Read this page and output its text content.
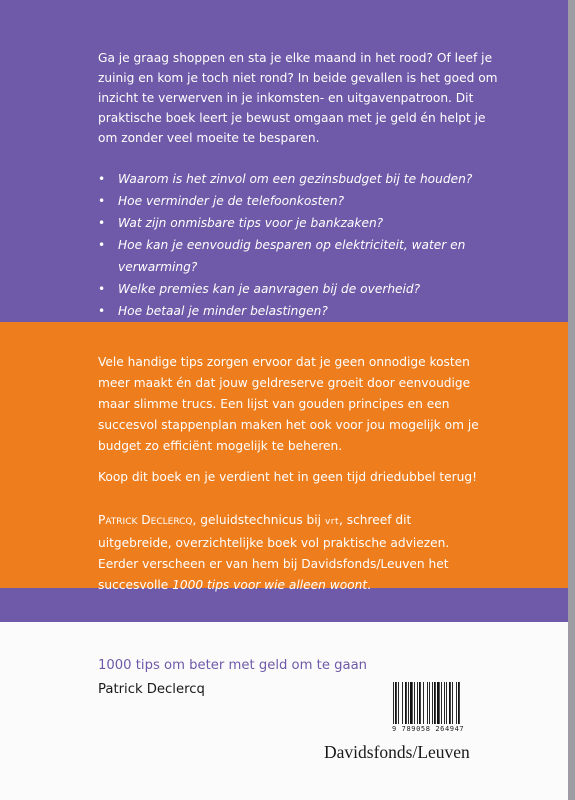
Ga je graag shoppen en sta je elke maand in het rood? Of leef je zuinig en kom je toch niet rond? In beide gevallen is het goed om inzicht te verwerven in je inkomsten- en uitgavenpatroon. Dit praktische boek leert je bewust omgaan met je geld én helpt je om zonder veel moeite te besparen.

• Waarom is het zinvol om een gezinsbudget bij te houden?
• Hoe verminder je de telefoonkosten?
• Wat zijn onmisbare tips voor je bankzaken?
• Hoe kan je eenvoudig besparen op elektriciteit, water en verwarming?
• Welke premies kan je aanvragen bij de overheid?
• Hoe betaal je minder belastingen?

Vele handige tips zorgen ervoor dat je geen onnodige kosten meer maakt én dat jouw geldreserve groeit door eenvoudige maar slimme trucs. Een lijst van gouden principes en een succesvol stappenplan maken het ook voor jou mogelijk om je budget zo efficiënt mogelijk te beheren.

Koop dit boek en je verdient het in geen tijd driedubbel terug!

Patrick Declercq, geluidstechnicus bij vrt, schreef dit uitgebreide, overzichtelijke boek vol praktische adviezen. Eerder verscheen er van hem bij Davidsfonds/Leuven het succesvolle 1000 tips voor wie alleen woont.

1000 tips om beter met geld om te gaan
Patrick Declercq
9 789058 264947
Davidsfonds/Leuven
